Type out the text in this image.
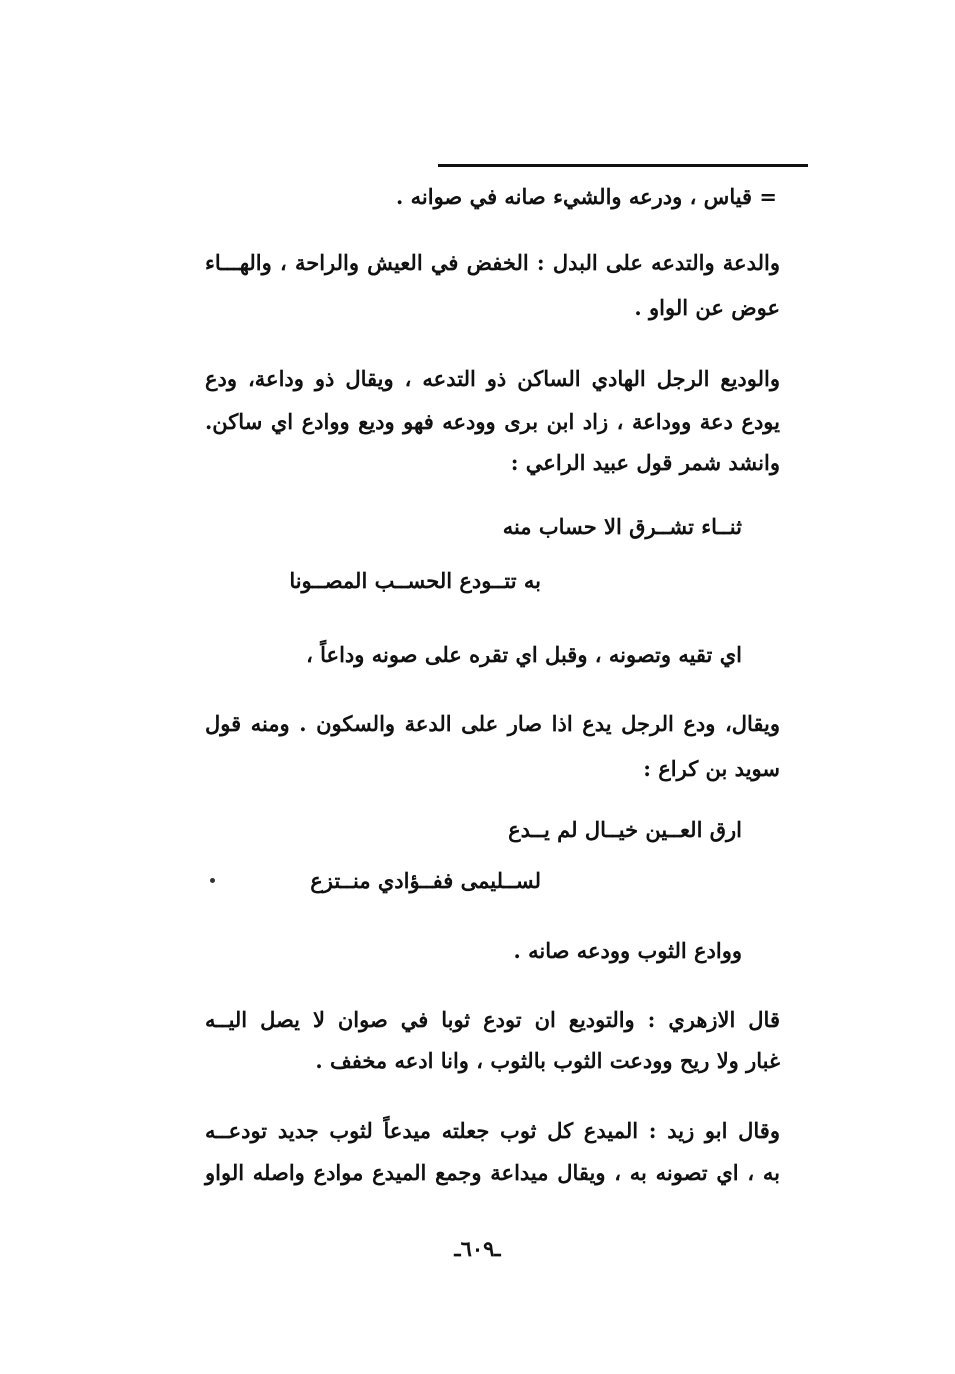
= قياس ، ودرعه والشيء صانه في صوانه .
والدعة والتدعه على البدل : الخفض في العيش والراحة ، والهـــاء
عوض عن الواو .
والوديع الرجل الهادي الساكن ذو التدعه ، ويقال ذو وداعة، ودع
يودع دعة ووداعة ، زاد ابن برى وودعه فهو وديع ووادع اي ساكن.
وانشد شمر قول عبيد الراعي :
ثنــاء تشــرق الا حساب منه
به تتــودع الحســب المصــونا
اي تقيه وتصونه ، وقبل اي تقره على صونه وداعاً ،
ويقال، ودع الرجل يدع اذا صار على الدعة والسكون . ومنه قول
سويد بن كراع :
ارق العــين خيــال لم يــدع
لســليمى ففــؤادي منــتزع
ووادع الثوب وودعه صانه .
قال الازهري : والتوديع ان تودع ثوبا في صوان لا يصل اليــه
غبار ولا ريح وودعت الثوب بالثوب ، وانا ادعه مخفف .
وقال ابو زيد : الميدع كل ثوب جعلته ميدعاً لثوب جديد تودعــه
به ، اي تصونه به ، ويقال ميداعة وجمع الميدع موادع واصله الواو
ـ٦٠٩ـ
